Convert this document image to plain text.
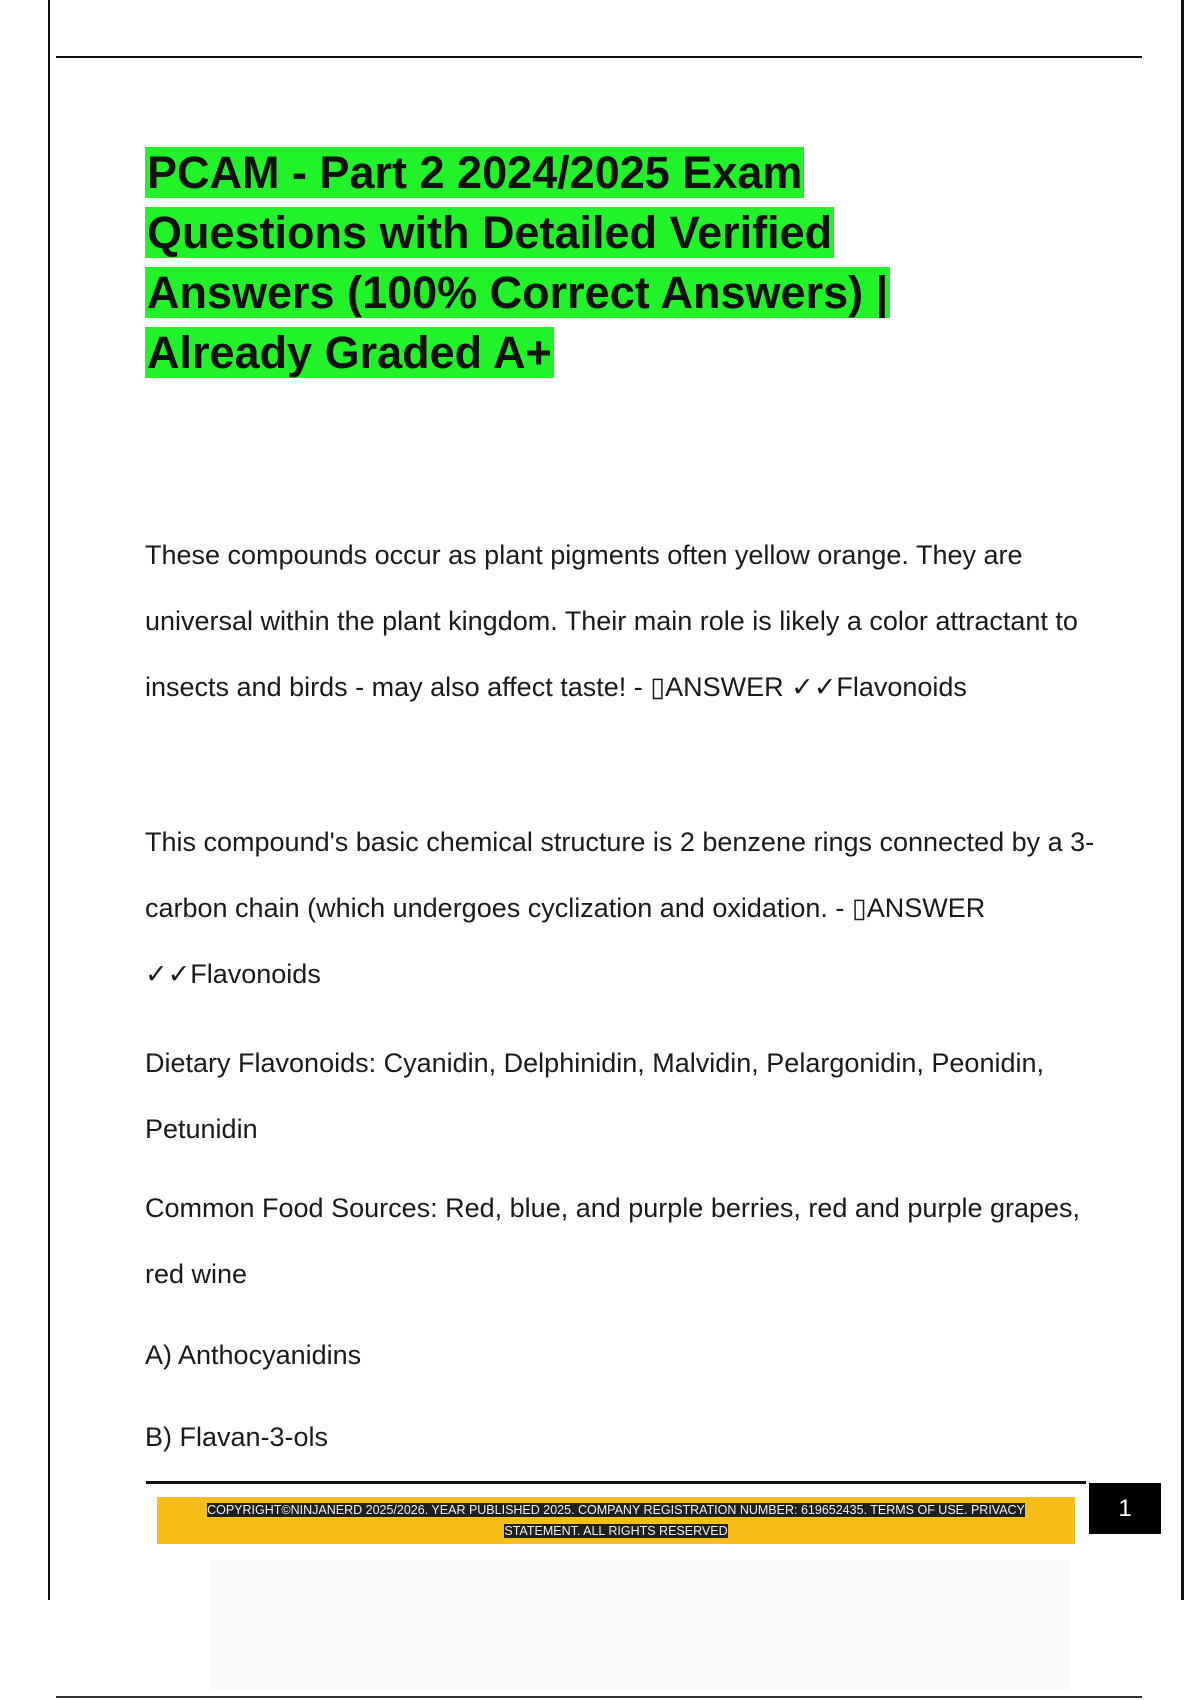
PCAM - Part 2 2024/2025 Exam Questions with Detailed Verified Answers (100% Correct Answers) | Already Graded A+

These compounds occur as plant pigments often yellow orange. They are universal within the plant kingdom. Their main role is likely a color attractant to insects and birds - may also affect taste! - ▯ANSWER ✓✓Flavonoids

This compound's basic chemical structure is 2 benzene rings connected by a 3-carbon chain (which undergoes cyclization and oxidation. - ▯ANSWER ✓✓Flavonoids

Dietary Flavonoids: Cyanidin, Delphinidin, Malvidin, Pelargonidin, Peonidin, Petunidin

Common Food Sources: Red, blue, and purple berries, red and purple grapes, red wine

A) Anthocyanidins

B) Flavan-3-ols

COPYRIGHT©NINJANERD 2025/2026. YEAR PUBLISHED 2025. COMPANY REGISTRATION NUMBER: 619652435. TERMS OF USE. PRIVACY
STATEMENT. ALL RIGHTS RESERVED

1
